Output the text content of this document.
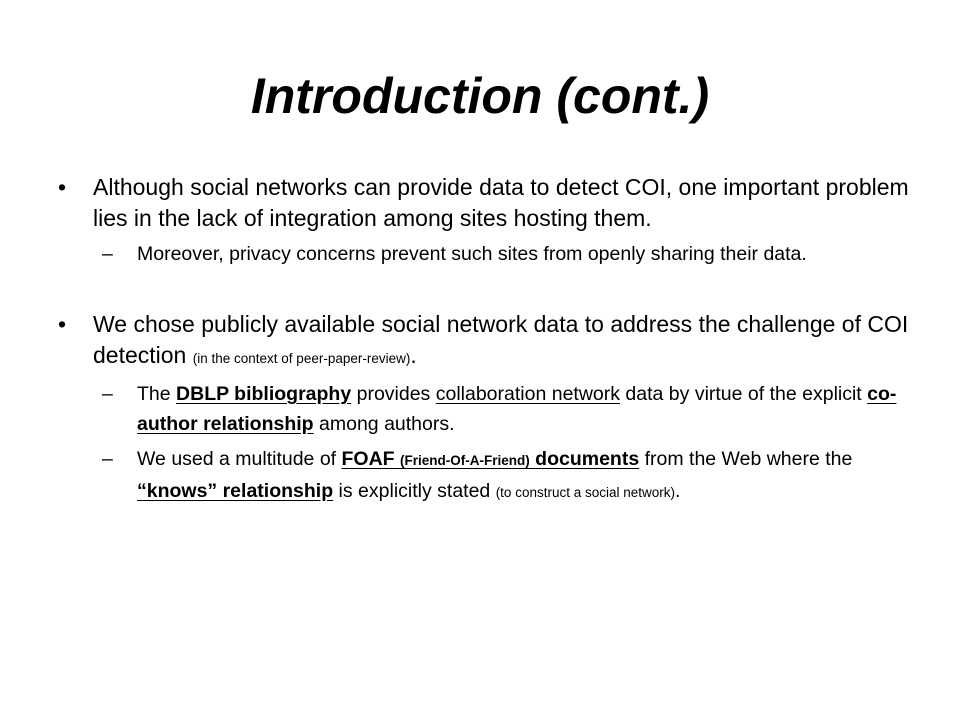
Introduction (cont.)
• Although social networks can provide data to detect COI, one important problem lies in the lack of integration among sites hosting them.
– Moreover, privacy concerns prevent such sites from openly sharing their data.
• We chose publicly available social network data to address the challenge of COI detection (in the context of peer-paper-review).
– The DBLP bibliography provides collaboration network data by virtue of the explicit co-author relationship among authors.
– We used a multitude of FOAF (Friend-Of-A-Friend) documents from the Web where the “knows” relationship is explicitly stated (to construct a social network).
